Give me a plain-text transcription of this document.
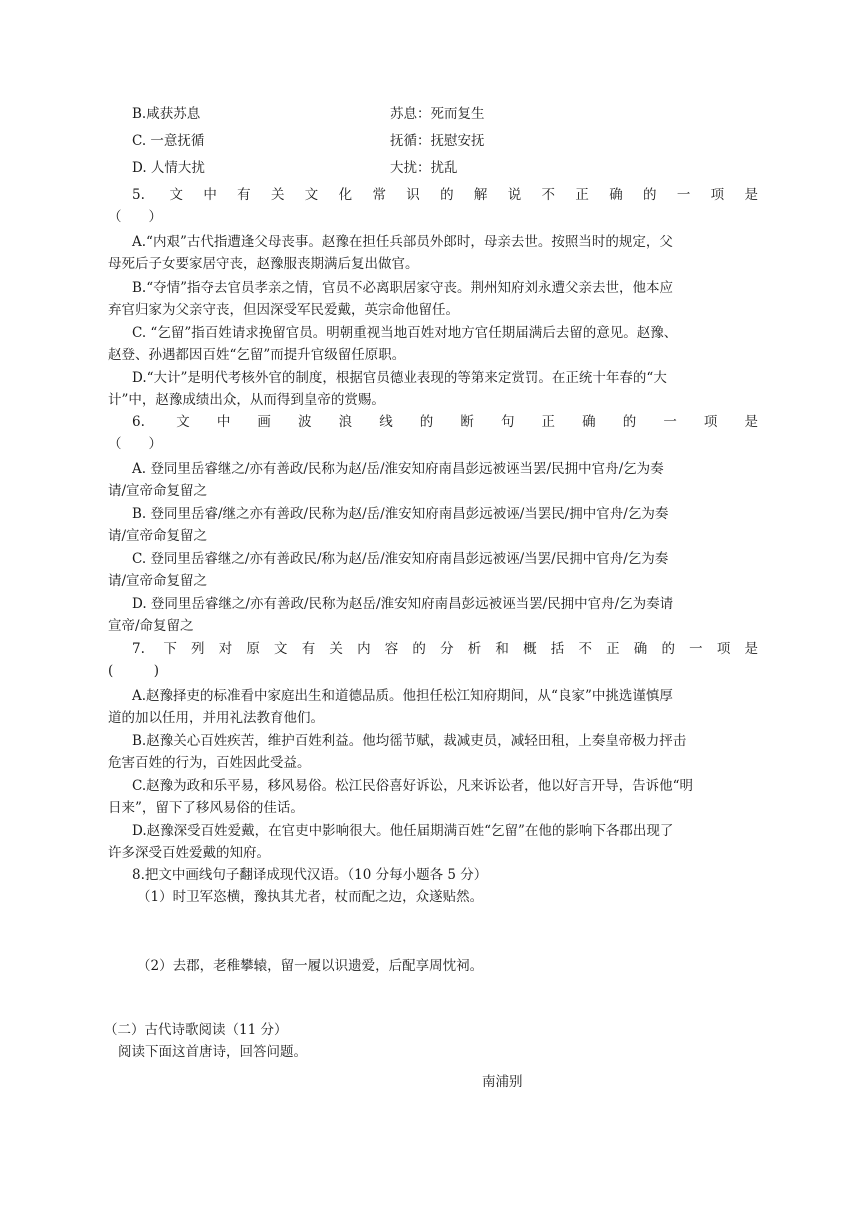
B.咸获苏息	苏息：死而复生
C. 一意抚循	抚循：抚慰安抚
D. 人情大扰	大扰：扰乱
5. 文中有关文化常识的解说不正确的一项是
（　　）
A.“内艰”古代指遭逢父母丧事。赵豫在担任兵部员外郎时，母亲去世。按照当时的规定，父
母死后子女要家居守丧，赵豫服丧期满后复出做官。
B.“夺情”指夺去官员孝亲之情，官员不必离职居家守丧。荆州知府刘永遭父亲去世，他本应
弃官归家为父亲守丧，但因深受军民爱戴，英宗命他留任。
C. “乞留”指百姓请求挽留官员。明朝重视当地百姓对地方官任期届满后去留的意见。赵豫、
赵登、孙遇都因百姓“乞留”而提升官级留任原职。
D.“大计”是明代考核外官的制度，根据官员德业表现的等第来定赏罚。在正统十年春的“大
计”中，赵豫成绩出众，从而得到皇帝的赏赐。
6. 文中画波浪线的断句正确的一项是
（　　）
A. 登同里岳睿继之/亦有善政/民称为赵/岳/淮安知府南昌彭远被诬当罢/民拥中官舟/乞为奏
请/宣帝命复留之
B. 登同里岳睿/继之亦有善政/民称为赵/岳/淮安知府南昌彭远被诬/当罢民/拥中官舟/乞为奏
请/宣帝命复留之
C. 登同里岳睿继之/亦有善政民/称为赵/岳/淮安知府南昌彭远被诬/当罢/民拥中官舟/乞为奏
请/宣帝命复留之
D. 登同里岳睿继之/亦有善政/民称为赵岳/淮安知府南昌彭远被诬当罢/民拥中官舟/乞为奏请
宣帝/命复留之
7. 下列对原文有关内容的分析和概括不正确的一项是
(　　　)
A.赵豫择吏的标准看中家庭出生和道德品质。他担任松江知府期间，从“良家”中挑选谨慎厚
道的加以任用，并用礼法教育他们。
B.赵豫关心百姓疾苦，维护百姓利益。他均徭节赋，裁减吏员，减轻田租，上奏皇帝极力抨击
危害百姓的行为，百姓因此受益。
C.赵豫为政和乐平易，移风易俗。松江民俗喜好诉讼，凡来诉讼者，他以好言开导，告诉他“明
日来”，留下了移风易俗的佳话。
D.赵豫深受百姓爱戴，在官吏中影响很大。他任届期满百姓“乞留”在他的影响下各郡出现了
许多深受百姓爱戴的知府。
8.把文中画线句子翻译成现代汉语。（10 分每小题各 5 分）
（1）时卫军恣横，豫执其尤者，杖而配之边，众遂贴然。
（2）去郡，老稚攀辕，留一履以识遗爱，后配享周忱祠。
（二）古代诗歌阅读（11 分）
阅读下面这首唐诗，回答问题。
南浦别
